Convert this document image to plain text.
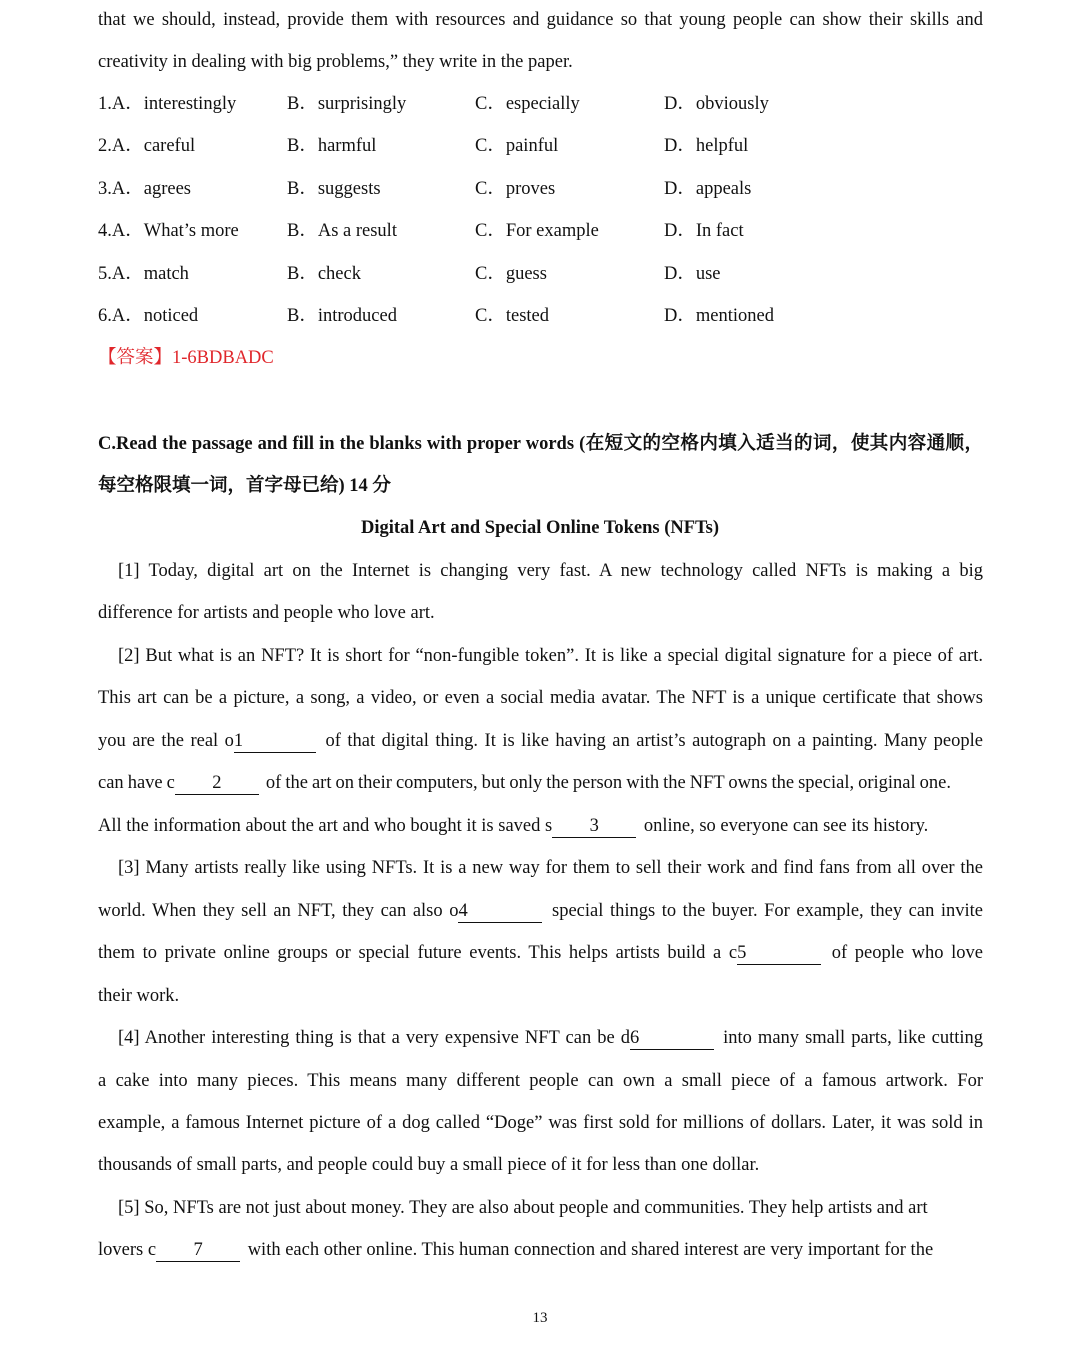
that we should, instead, provide them with resources and guidance so that young people can show their skills and
creativity in dealing with big problems,” they write in the paper.
1.A．interestingly	B．surprisingly	C．especially	D．obviously
2.A．careful	B．harmful	C．painful	D．helpful
3.A．agrees	B．suggests	C．proves	D．appeals
4.A．What’s more	B．As a result	C．For example	D．In fact
5.A．match	B．check	C．guess	D．use
6.A．noticed	B．introduced	C．tested	D．mentioned
【答案】1-6BDBADC
C.Read the passage and fill in the blanks with proper words (在短文的空格内填入适当的词，使其内容通顺，
每空格限填一词，首字母已给) 14 分
Digital Art and Special Online Tokens (NFTs)
[1] Today, digital art on the Internet is changing very fast. A new technology called NFTs is making a big
difference for artists and people who love art.
[2] But what is an NFT? It is short for “non-fungible token”. It is like a special digital signature for a piece of art.
This art can be a picture, a song, a video, or even a social media avatar. The NFT is a unique certificate that shows
you are the real o1	of that digital thing. It is like having an artist’s autograph on a painting. Many people
can have c 2 of the art on their computers, but only the person with the NFT owns the special, original one.
All the information about the art and who bought it is saved s 3 online, so everyone can see its history.
[3] Many artists really like using NFTs. It is a new way for them to sell their work and find fans from all over the
world. When they sell an NFT, they can also o4	special things to the buyer. For example, they can invite
them to private online groups or special future events. This helps artists build a c5	of people who love
their work.
[4] Another interesting thing is that a very expensive NFT can be d6	into many small parts, like cutting
a cake into many pieces. This means many different people can own a small piece of a famous artwork. For
example, a famous Internet picture of a dog called “Doge” was first sold for millions of dollars. Later, it was sold in
thousands of small parts, and people could buy a small piece of it for less than one dollar.
[5] So, NFTs are not just about money. They are also about people and communities. They help artists and art
lovers c 7 with each other online. This human connection and shared interest are very important for the
13
